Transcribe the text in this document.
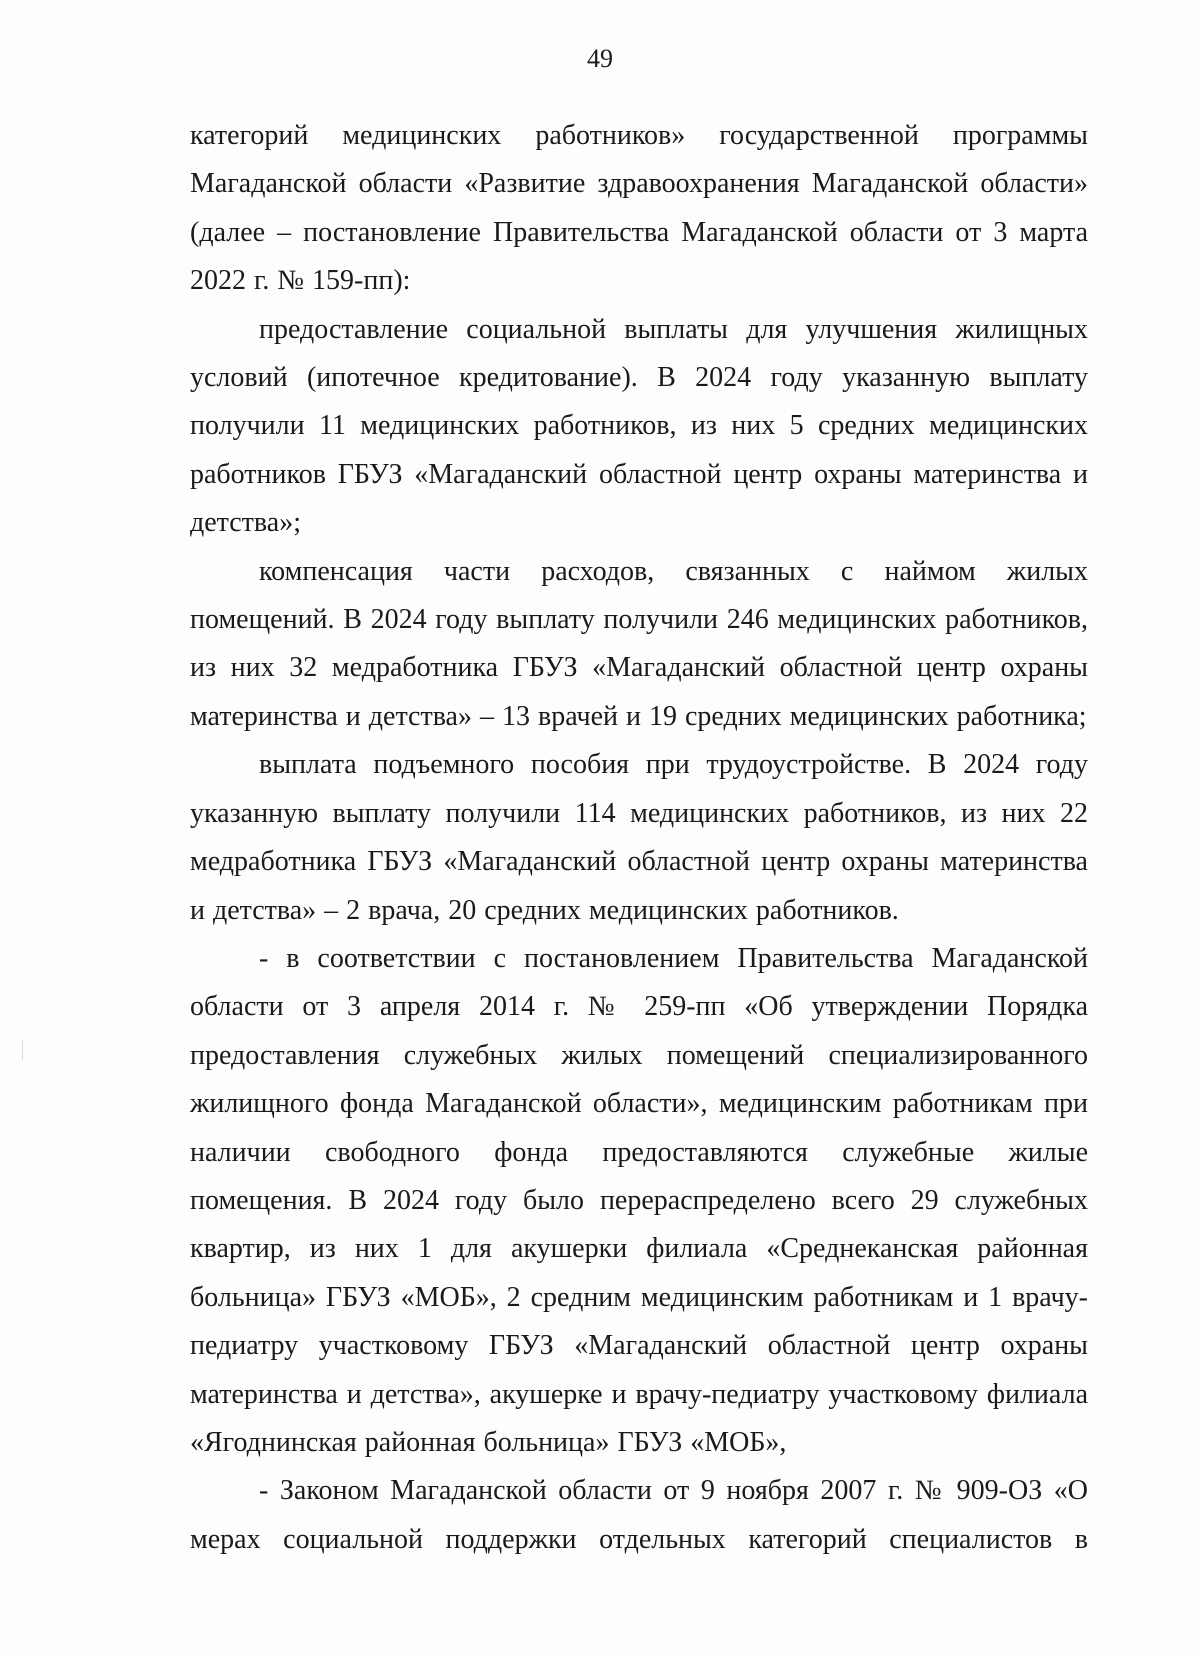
49

категорий медицинских работников» государственной программы Магаданской области «Развитие здравоохранения Магаданской области» (далее – постановление Правительства Магаданской области от 3 марта 2022 г. № 159-пп):

предоставление социальной выплаты для улучшения жилищных условий (ипотечное кредитование). В 2024 году указанную выплату получили 11 медицинских работников, из них 5 средних медицинских работников ГБУЗ «Магаданский областной центр охраны материнства и детства»;

компенсация части расходов, связанных с наймом жилых помещений. В 2024 году выплату получили 246 медицинских работников, из них 32 медработника ГБУЗ «Магаданский областной центр охраны материнства и детства» – 13 врачей и 19 средних медицинских работника;

выплата подъемного пособия при трудоустройстве. В 2024 году указанную выплату получили 114 медицинских работников, из них 22 медработника ГБУЗ «Магаданский областной центр охраны материнства и детства» – 2 врача, 20 средних медицинских работников.

- в соответствии с постановлением Правительства Магаданской области от 3 апреля 2014 г. № 259-пп «Об утверждении Порядка предоставления служебных жилых помещений специализированного жилищного фонда Магаданской области», медицинским работникам при наличии свободного фонда предоставляются служебные жилые помещения. В 2024 году было перераспределено всего 29 служебных квартир, из них 1 для акушерки филиала «Среднеканская районная больница» ГБУЗ «МОБ», 2 средним медицинским работникам и 1 врачу-педиатру участковому ГБУЗ «Магаданский областной центр охраны материнства и детства», акушерке и врачу-педиатру участковому филиала «Ягоднинская районная больница» ГБУЗ «МОБ»,

- Законом Магаданской области от 9 ноября 2007 г. № 909-ОЗ «О мерах социальной поддержки отдельных категорий специалистов в
